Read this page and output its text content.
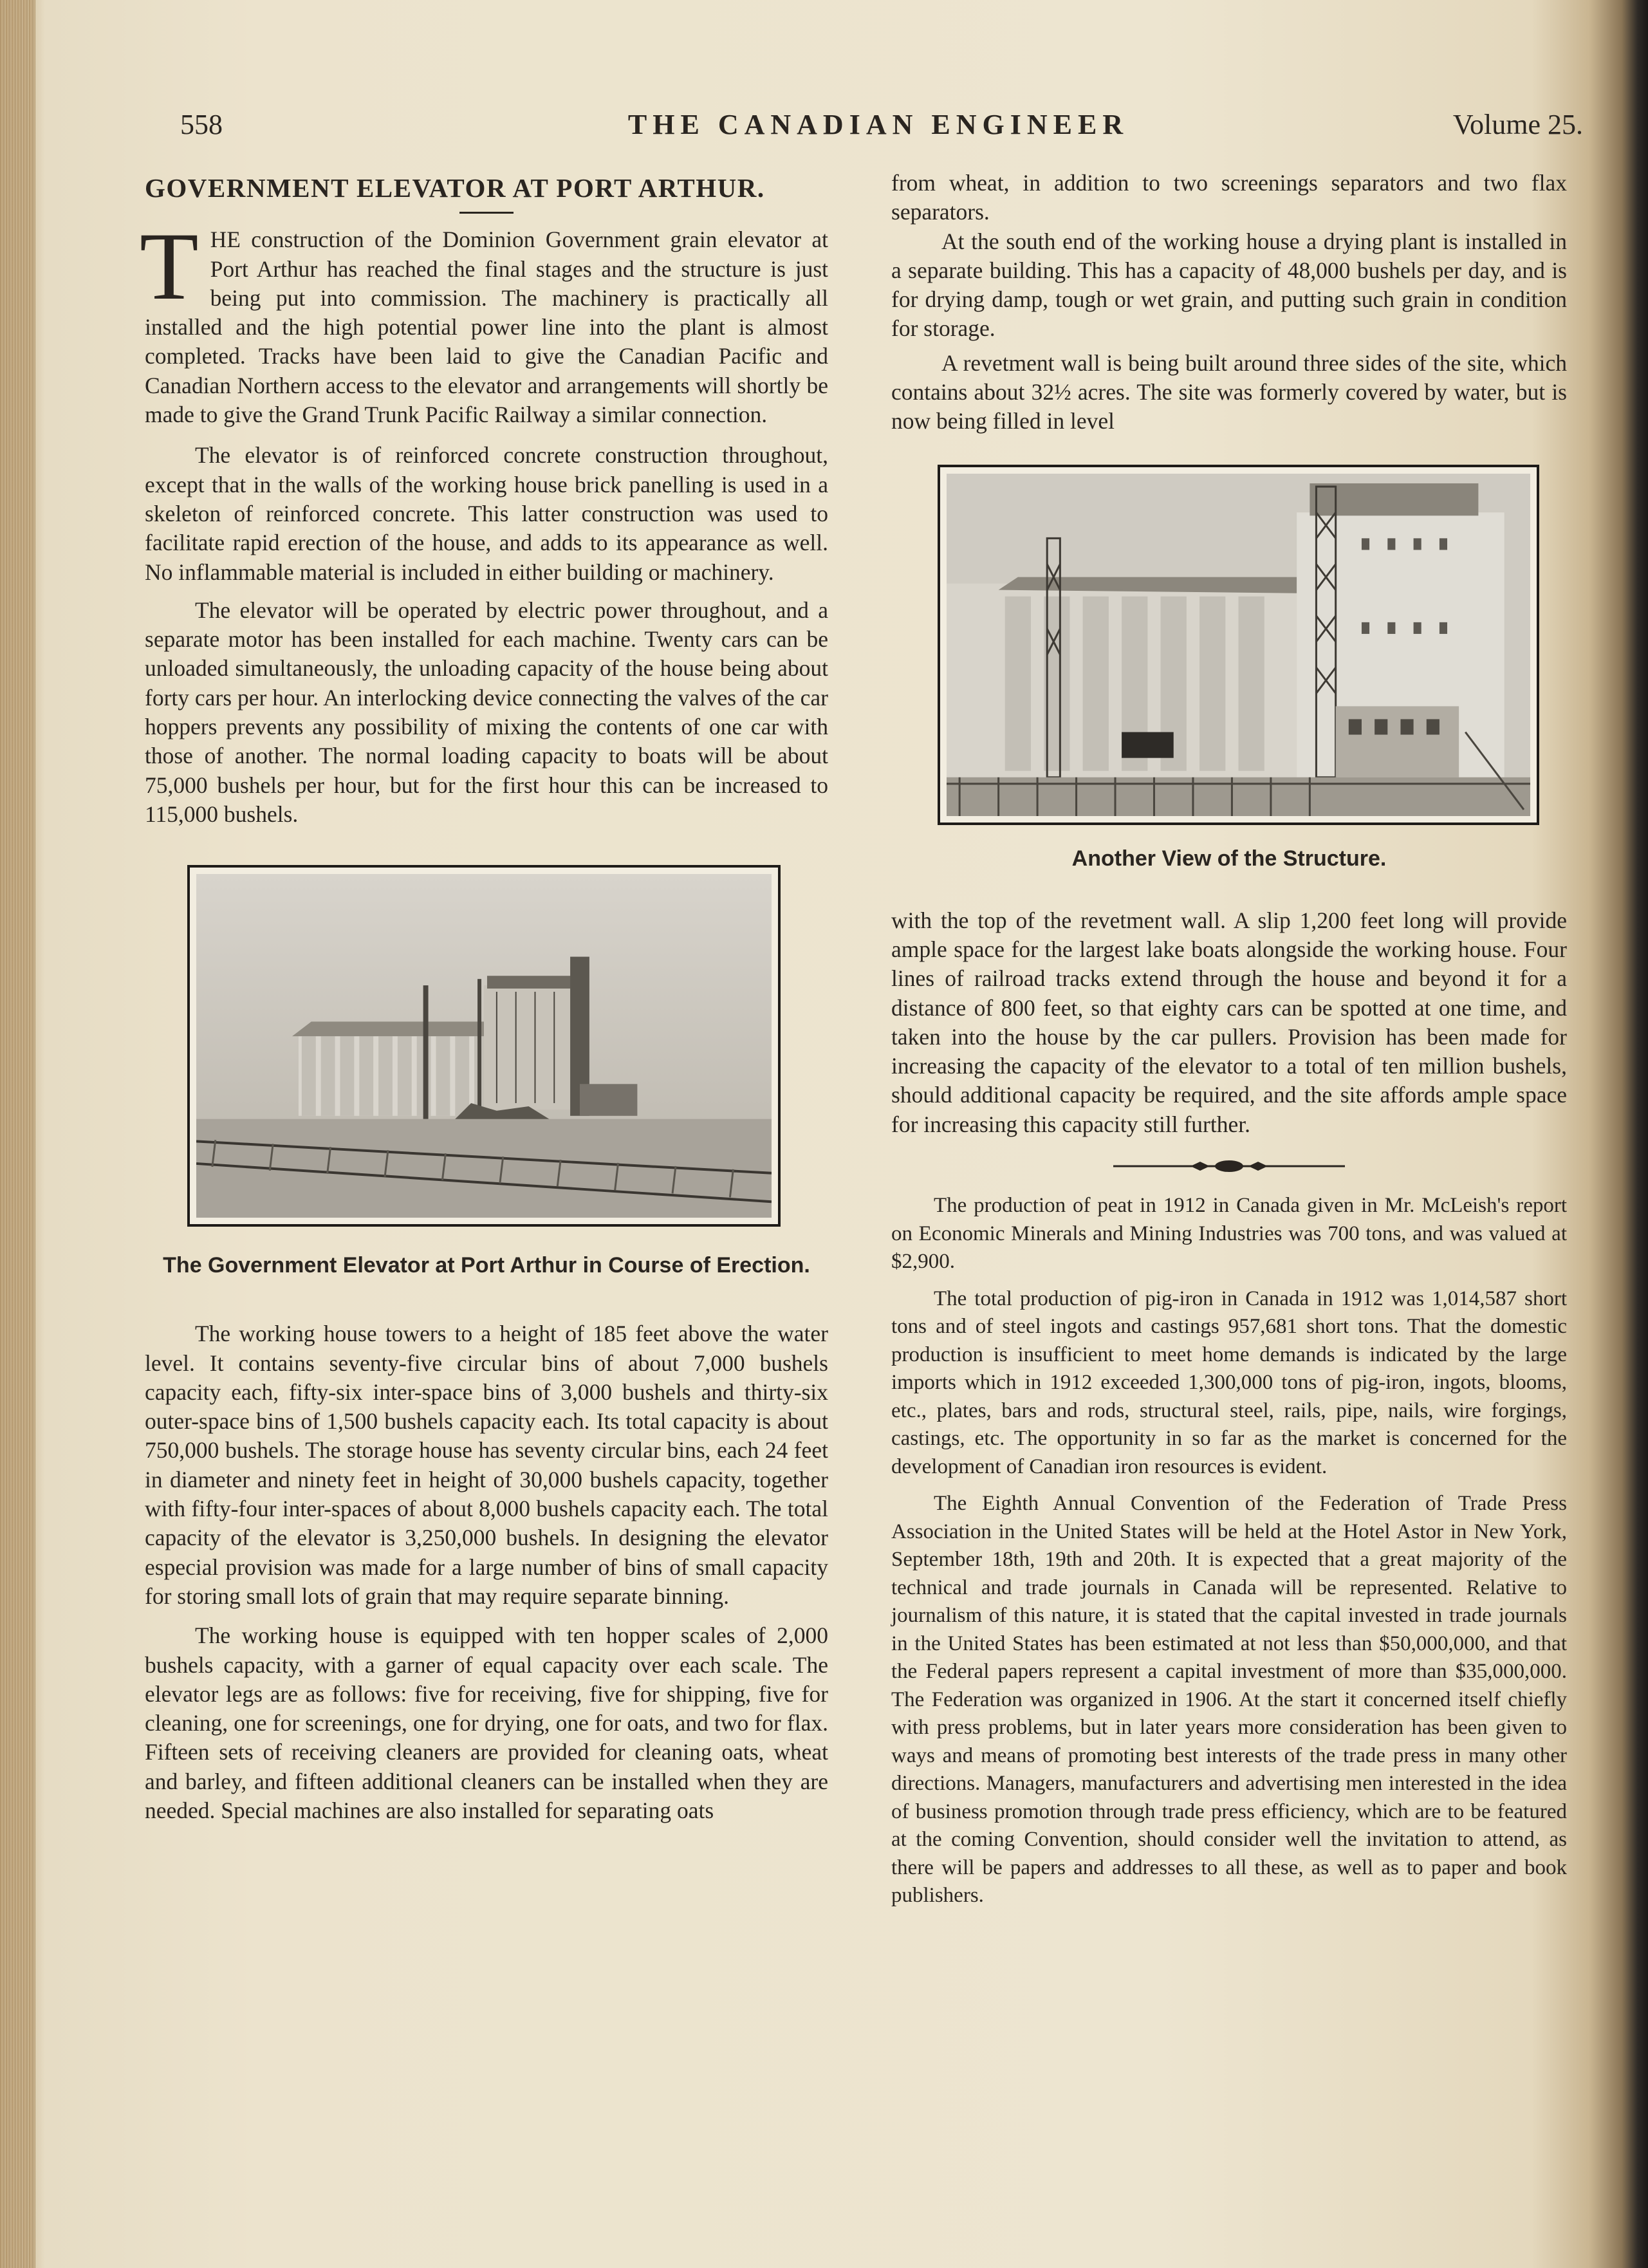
558	THE CANADIAN ENGINEER	Volume 25.
GOVERNMENT ELEVATOR AT PORT ARTHUR.

THE construction of the Dominion Government grain elevator at Port Arthur has reached the final stages and the structure is just being put into commission. The machinery is practically all installed and the high potential power line into the plant is almost completed. Tracks have been laid to give the Canadian Pacific and Canadian Northern access to the elevator and arrangements will shortly be made to give the Grand Trunk Pacific Railway a similar connection.

The elevator is of reinforced concrete construction throughout, except that in the walls of the working house brick panelling is used in a skeleton of reinforced concrete. This latter construction was used to facilitate rapid erection of the house, and adds to its appearance as well. No inflammable material is included in either building or machinery.

The elevator will be operated by electric power throughout, and a separate motor has been installed for each machine. Twenty cars can be unloaded simultaneously, the unloading capacity of the house being about forty cars per hour. An interlocking device connecting the valves of the car hoppers prevents any possibility of mixing the contents of one car with those of another. The normal loading capacity to boats will be about 75,000 bushels per hour, but for the first hour this can be increased to 115,000 bushels.

The Government Elevator at Port Arthur in Course of Erection.

The working house towers to a height of 185 feet above the water level. It contains seventy-five circular bins of about 7,000 bushels capacity each, fifty-six inter-space bins of 3,000 bushels and thirty-six outer-space bins of 1,500 bushels capacity each. Its total capacity is about 750,000 bushels. The storage house has seventy circular bins, each 24 feet in diameter and ninety feet in height of 30,000 bushels capacity, together with fifty-four inter-spaces of about 8,000 bushels capacity each. The total capacity of the elevator is 3,250,000 bushels. In designing the elevator especial provision was made for a large number of bins of small capacity for storing small lots of grain that may require separate binning.

The working house is equipped with ten hopper scales of 2,000 bushels capacity, with a garner of equal capacity over each scale. The elevator legs are as follows: five for receiving, five for shipping, five for cleaning, one for screenings, one for drying, one for oats, and two for flax. Fifteen sets of receiving cleaners are provided for cleaning oats, wheat and barley, and fifteen additional cleaners can be installed when they are needed. Special machines are also installed for separating oats

from wheat, in addition to two screenings separators and two flax separators.

At the south end of the working house a drying plant is installed in a separate building. This has a capacity of 48,000 bushels per day, and is for drying damp, tough or wet grain, and putting such grain in condition for storage.

A revetment wall is being built around three sides of the site, which contains about 32½ acres. The site was formerly covered by water, but is now being filled in level

Another View of the Structure.

with the top of the revetment wall. A slip 1,200 feet long will provide ample space for the largest lake boats alongside the working house. Four lines of railroad tracks extend through the house and beyond it for a distance of 800 feet, so that eighty cars can be spotted at one time, and taken into the house by the car pullers. Provision has been made for increasing the capacity of the elevator to a total of ten million bushels, should additional capacity be required, and the site affords ample space for increasing this capacity still further.

The production of peat in 1912 in Canada given in Mr. McLeish's report on Economic Minerals and Mining Industries was 700 tons, and was valued at $2,900.

The total production of pig-iron in Canada in 1912 was 1,014,587 short tons and of steel ingots and castings 957,681 short tons. That the domestic production is insufficient to meet home demands is indicated by the large imports which in 1912 exceeded 1,300,000 tons of pig-iron, ingots, blooms, etc., plates, bars and rods, structural steel, rails, pipe, nails, wire forgings, castings, etc. The opportunity in so far as the market is concerned for the development of Canadian iron resources is evident.

The Eighth Annual Convention of the Federation of Trade Press Association in the United States will be held at the Hotel Astor in New York, September 18th, 19th and 20th. It is expected that a great majority of the technical and trade journals in Canada will be represented. Relative to journalism of this nature, it is stated that the capital invested in trade journals in the United States has been estimated at not less than $50,000,000, and that the Federal papers represent a capital investment of more than $35,000,000. The Federation was organized in 1906. At the start it concerned itself chiefly with press problems, but in later years more consideration has been given to ways and means of promoting best interests of the trade press in many other directions. Managers, manufacturers and advertising men interested in the idea of business promotion through trade press efficiency, which are to be featured at the coming Convention, should consider well the invitation to attend, as there will be papers and addresses to all these, as well as to paper and book publishers.
